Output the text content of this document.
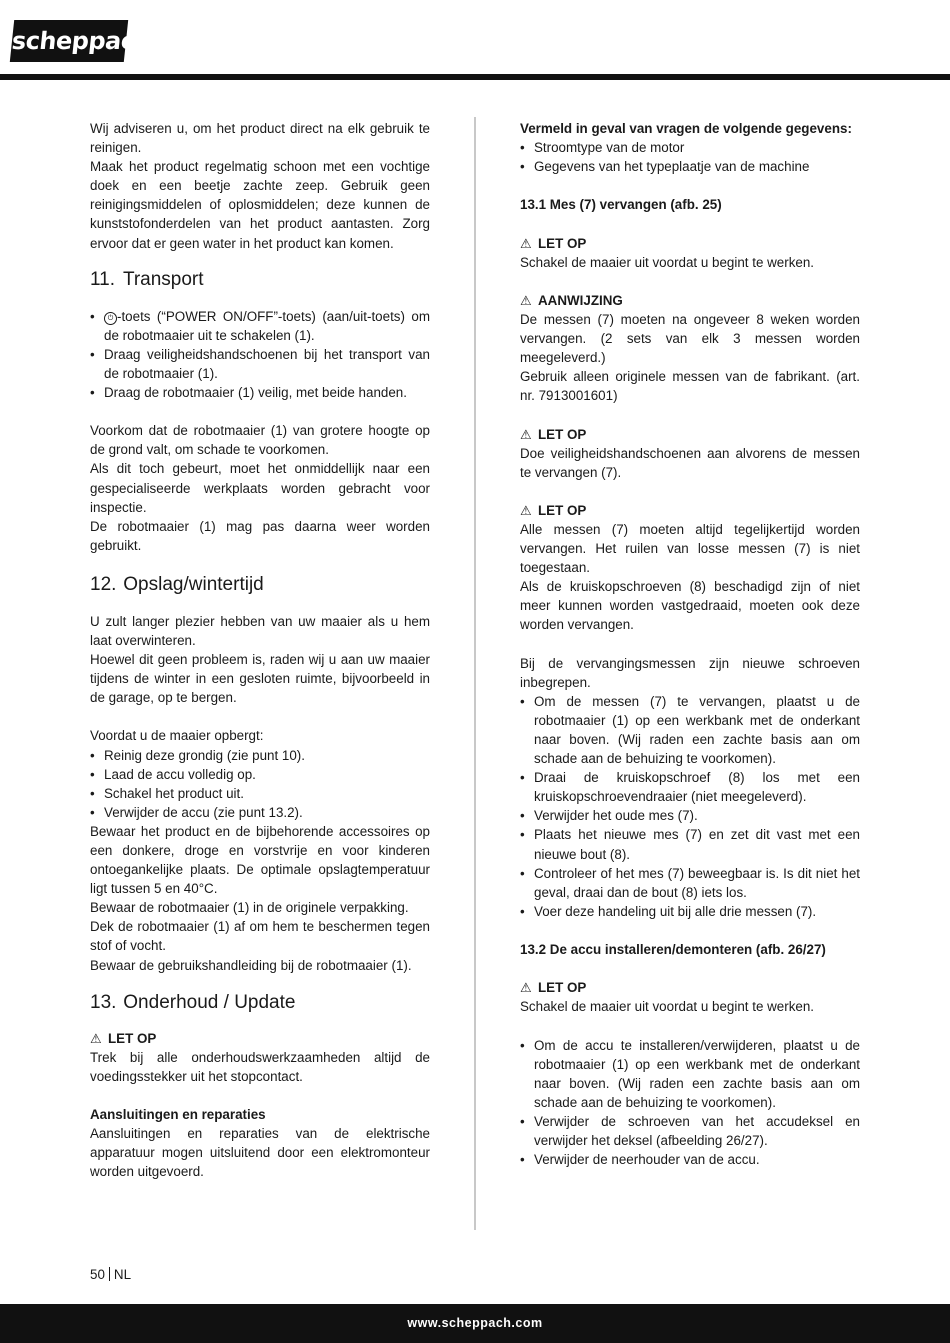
scheppach

Wij adviseren u, om het product direct na elk gebruik te reinigen.

Maak het product regelmatig schoon met een vochtige doek en een beetje zachte zeep. Gebruik geen reinigingsmiddelen of oplosmiddelen; deze kunnen de kunststofonderdelen van het product aantasten. Zorg ervoor dat er geen water in het product kan komen.

11. Transport
• ⏻ -toets (“POWER ON/OFF”-toets) (aan/uit-toets) om de robotmaaier uit te schakelen (1).
• Draag veiligheidshandschoenen bij het transport van de robotmaaier (1).
• Draag de robotmaaier (1) veilig, met beide handen.

Voorkom dat de robotmaaier (1) van grotere hoogte op de grond valt, om schade te voorkomen.

Als dit toch gebeurt, moet het onmiddellijk naar een gespecialiseerde werkplaats worden gebracht voor inspectie.

De robotmaaier (1) mag pas daarna weer worden gebruikt.

12. Opslag/wintertijd

U zult langer plezier hebben van uw maaier als u hem laat overwinteren.

Hoewel dit geen probleem is, raden wij u aan uw maaier tijdens de winter in een gesloten ruimte, bijvoorbeeld in de garage, op te bergen.

Voordat u de maaier opbergt:

• Reinig deze grondig (zie punt 10).
• Laad de accu volledig op.
• Schakel het product uit.
• Verwijder de accu (zie punt 13.2).

Bewaar het product en de bijbehorende accessoires op een donkere, droge en vorstvrije en voor kinderen ontoegankelijke plaats. De optimale opslagtemperatuur ligt tussen 5 en 40°C.

Bewaar de robotmaaier (1) in de originele verpakking.

Dek de robotmaaier (1) af om hem te beschermen tegen stof of vocht.

Bewaar de gebruikshandleiding bij de robotmaaier (1).

13. Onderhoud / Update
⚠ LET OP

Trek bij alle onderhoudswerkzaamheden altijd de voedingsstekker uit het stopcontact.

Aansluitingen en reparaties

Aansluitingen en reparaties van de elektrische apparatuur mogen uitsluitend door een elektromonteur worden uitgevoerd.

Vermeld in geval van vragen de volgende gegevens:

• Stroomtype van de motor
• Gegevens van het typeplaatje van de machine

13.1 Mes (7) vervangen (afb. 25)

⚠ LET OP

Schakel de maaier uit voordat u begint te werken.

⚠ AANWIJZING

De messen (7) moeten na ongeveer 8 weken worden vervangen. (2 sets van elk 3 messen worden meegeleverd.)

Gebruik alleen originele messen van de fabrikant. (art. nr. 7913001601)

⚠ LET OP

Doe veiligheidshandschoenen aan alvorens de messen te vervangen (7).

⚠ LET OP

Alle messen (7) moeten altijd tegelijkertijd worden vervangen. Het ruilen van losse messen (7) is niet toegestaan.

Als de kruiskopschroeven (8) beschadigd zijn of niet meer kunnen worden vastgedraaid, moeten ook deze worden vervangen.

Bij de vervangingsmessen zijn nieuwe schroeven inbegrepen.

• Om de messen (7) te vervangen, plaatst u de robotmaaier (1) op een werkbank met de onderkant naar boven. (Wij raden een zachte basis aan om schade aan de behuizing te voorkomen).
• Draai de kruiskopschroef (8) los met een kruiskopschroevendraaier (niet meegeleverd).
• Verwijder het oude mes (7).
• Plaats het nieuwe mes (7) en zet dit vast met een nieuwe bout (8).
• Controleer of het mes (7) beweegbaar is. Is dit niet het geval, draai dan de bout (8) iets los.
• Voer deze handeling uit bij alle drie messen (7).

13.2 De accu installeren/demonteren (afb. 26/27)

⚠ LET OP

Schakel de maaier uit voordat u begint te werken.

• Om de accu te installeren/verwijderen, plaatst u de robotmaaier (1) op een werkbank met de onderkant naar boven. (Wij raden een zachte basis aan om schade aan de behuizing te voorkomen).
• Verwijder de schroeven van het accudeksel en verwijder het deksel (afbeelding 26/27).
• Verwijder de neerhouder van de accu.
50 NL
www.scheppach.com
